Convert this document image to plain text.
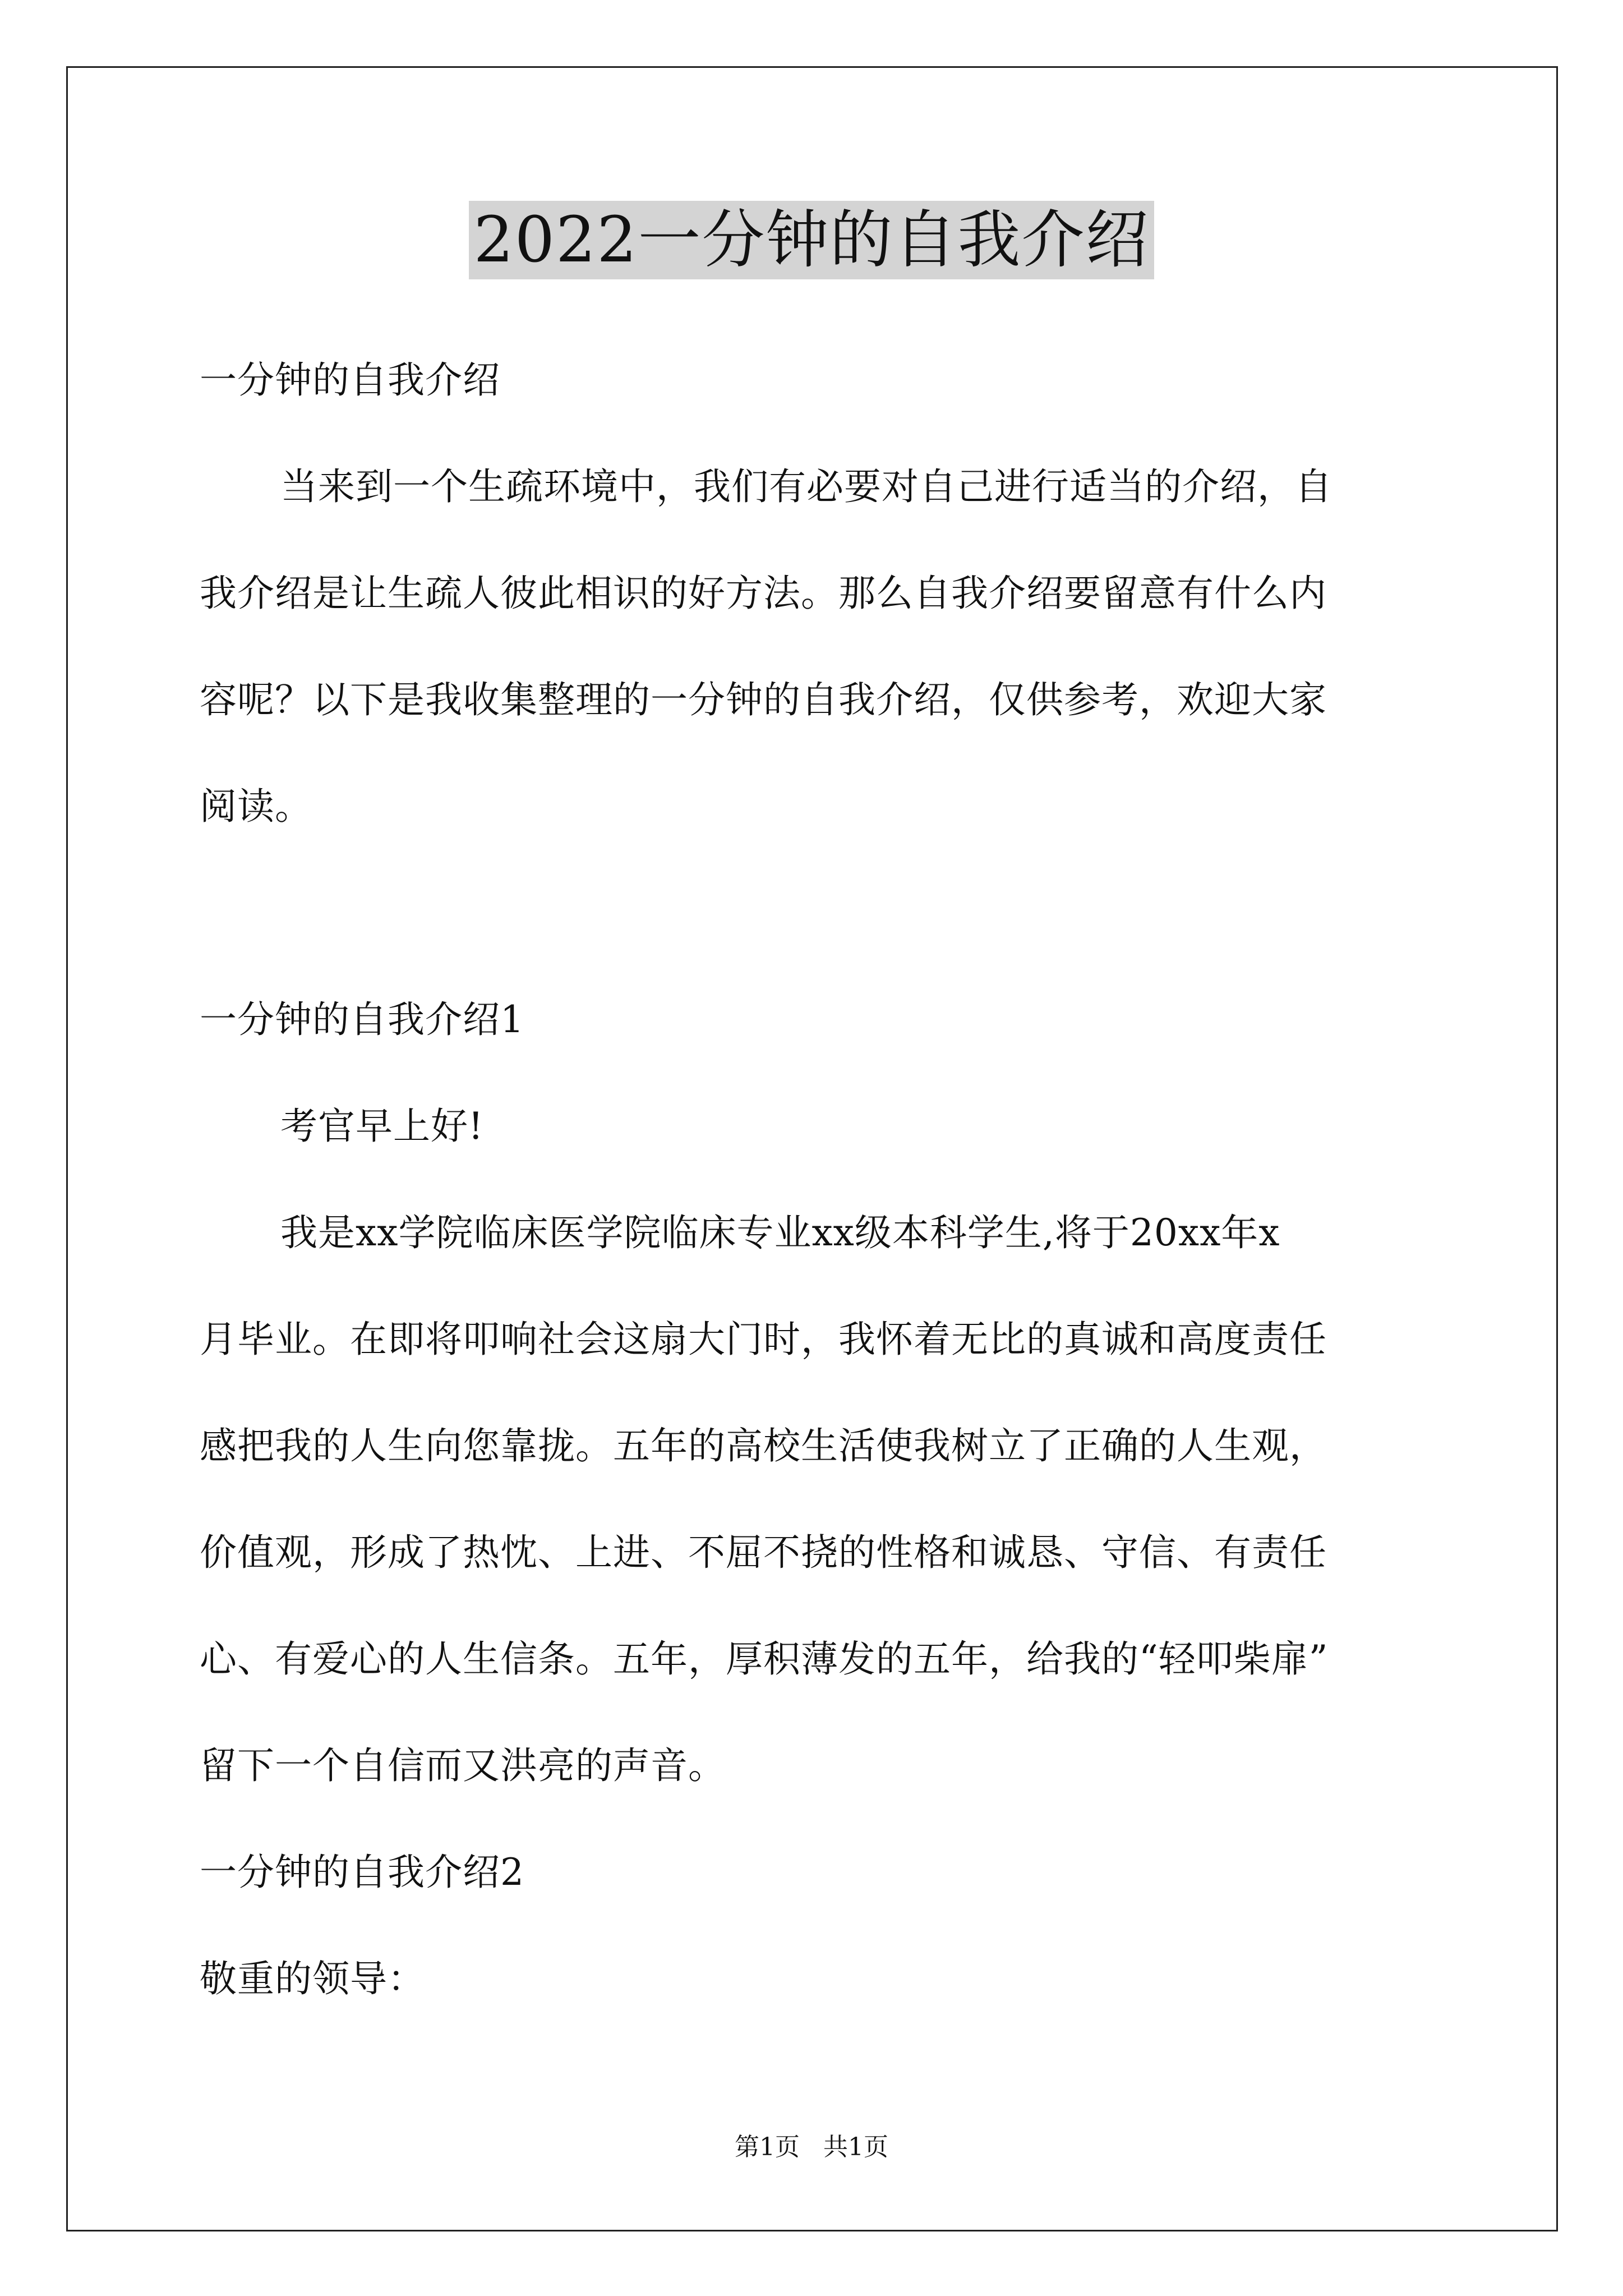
2022一分钟的自我介绍
一分钟的自我介绍
当来到一个生疏环境中，我们有必要对自己进行适当的介绍，自
我介绍是让生疏人彼此相识的好方法。那么自我介绍要留意有什么内
容呢？以下是我收集整理的一分钟的自我介绍，仅供参考，欢迎大家
阅读。
一分钟的自我介绍1
考官早上好!
我是xx学院临床医学院临床专业xx级本科学生,将于20xx年x
月毕业。在即将叩响社会这扇大门时，我怀着无比的真诚和高度责任
感把我的人生向您靠拢。五年的高校生活使我树立了正确的人生观，
价值观，形成了热忱、上进、不屈不挠的性格和诚恳、守信、有责任
心、有爱心的人生信条。五年，厚积薄发的五年，给我的“轻叩柴扉”
留下一个自信而又洪亮的声音。
一分钟的自我介绍2
敬重的领导：
第1页   共1页
